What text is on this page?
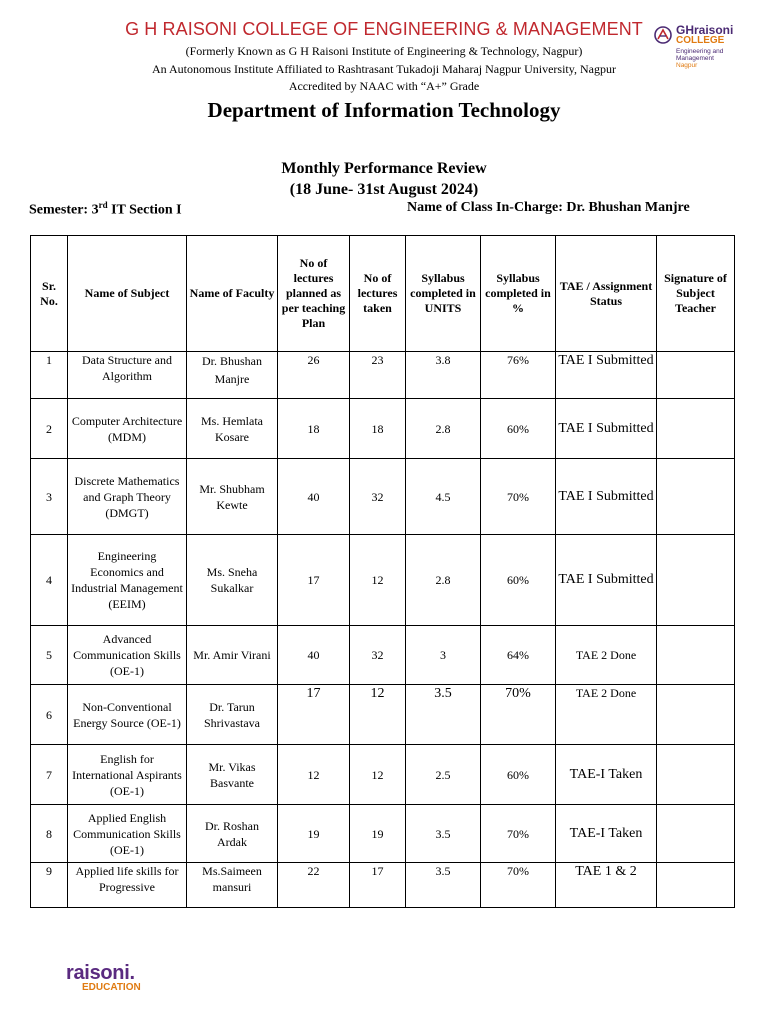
G H RAISONI COLLEGE OF ENGINEERING & MANAGEMENT
(Formerly Known as G H Raisoni Institute of Engineering & Technology, Nagpur)
An Autonomous Institute Affiliated to Rashtrasant Tukadoji Maharaj Nagpur University, Nagpur
Accredited by NAAC with “A+” Grade
GHraisoni
COLLEGE
Engineering and
Management
Nagpur
Department of Information Technology
Monthly Performance Review
(18 June- 31st August 2024)
Semester: 3rd IT Section I	Name of Class In-Charge: Dr. Bhushan Manjre
Sr. No.	Name of Subject	Name of Faculty	No of lectures planned as per teaching Plan	No of lectures taken	Syllabus completed in UNITS	Syllabus completed in %	TAE / Assignment Status	Signature of Subject Teacher
1	Data Structure and Algorithm	Dr. Bhushan Manjre	26	23	3.8	76%	TAE I Submitted	
2	Computer Architecture (MDM)	Ms. Hemlata Kosare	18	18	2.8	60%	TAE I Submitted	
3	Discrete Mathematics and Graph Theory (DMGT)	Mr. Shubham Kewte	40	32	4.5	70%	TAE I Submitted	
4	Engineering Economics and Industrial Management (EEIM)	Ms. Sneha Sukalkar	17	12	2.8	60%	TAE I Submitted	
5	Advanced Communication Skills (OE-1)	Mr. Amir Virani	40	32	3	64%	TAE 2 Done	
6	Non-Conventional Energy Source (OE-1)	Dr. Tarun Shrivastava	17	12	3.5	70%	TAE 2 Done	
7	English for International Aspirants (OE-1)	Mr. Vikas Basvante	12	12	2.5	60%	TAE-I Taken	
8	Applied English Communication Skills (OE-1)	Dr. Roshan Ardak	19	19	3.5	70%	TAE-I Taken	
9	Applied life skills for Progressive	Ms.Saimeen mansuri	22	17	3.5	70%	TAE 1 & 2	
raisoni.
EDUCATION
